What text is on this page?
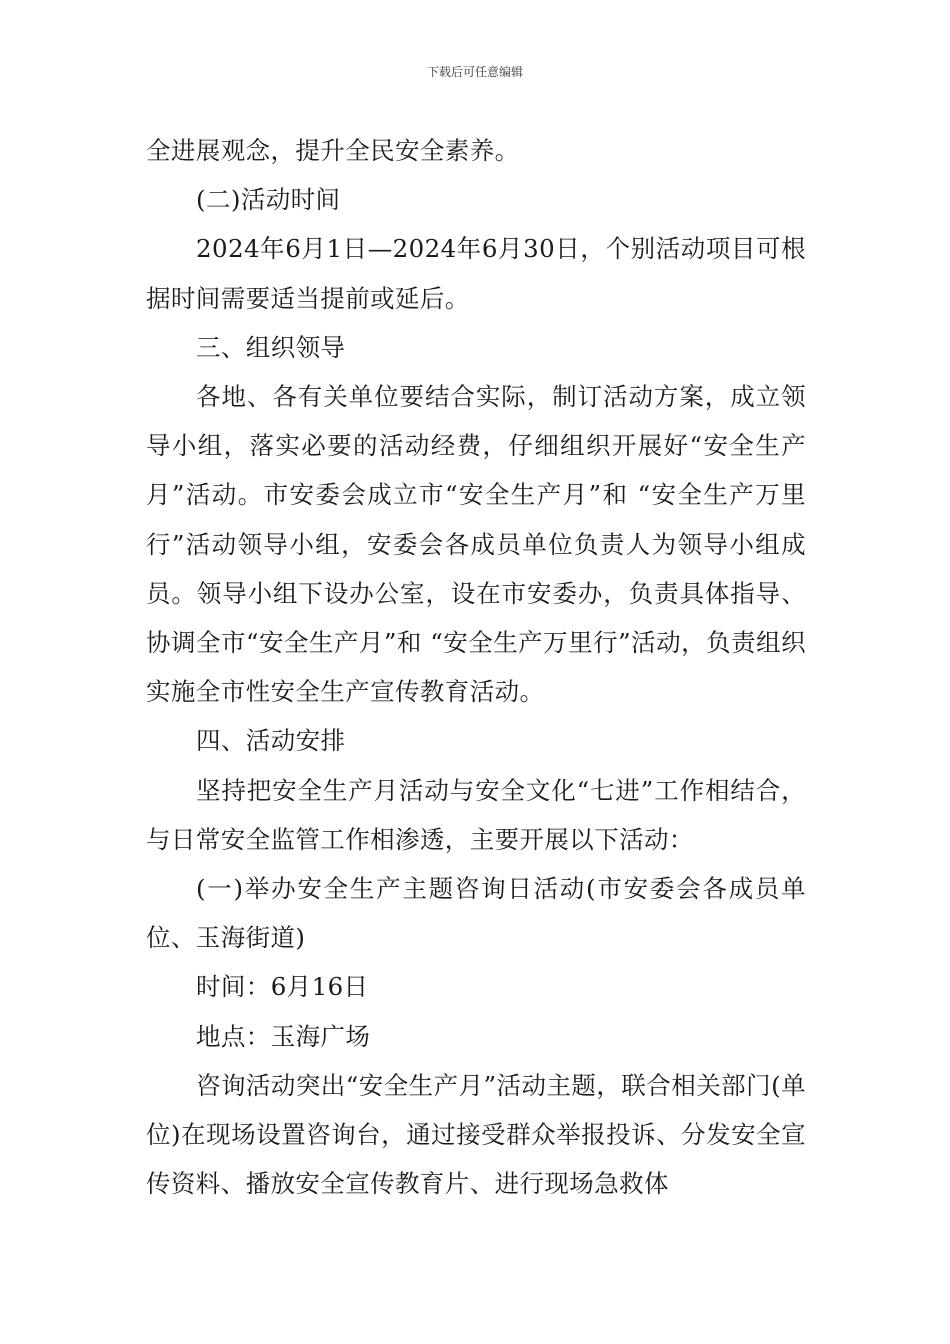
下载后可任意编辑

全进展观念，提升全民安全素养。

(二)活动时间

2024年6月1日—2024年6月30日，个别活动项目可根据时间需要适当提前或延后。

三、组织领导

各地、各有关单位要结合实际，制订活动方案，成立领导小组，落实必要的活动经费，仔细组织开展好“安全生产月”活动。市安委会成立市“安全生产月”和 “安全生产万里行”活动领导小组，安委会各成员单位负责人为领导小组成员。领导小组下设办公室，设在市安委办，负责具体指导、协调全市“安全生产月”和 “安全生产万里行”活动，负责组织实施全市性安全生产宣传教育活动。

四、活动安排

坚持把安全生产月活动与安全文化“七进”工作相结合，与日常安全监管工作相渗透，主要开展以下活动：

(一)举办安全生产主题咨询日活动(市安委会各成员单位、玉海街道)

时间：6月16日

地点：玉海广场

咨询活动突出“安全生产月”活动主题，联合相关部门(单位)在现场设置咨询台，通过接受群众举报投诉、分发安全宣传资料、播放安全宣传教育片、进行现场急救体
